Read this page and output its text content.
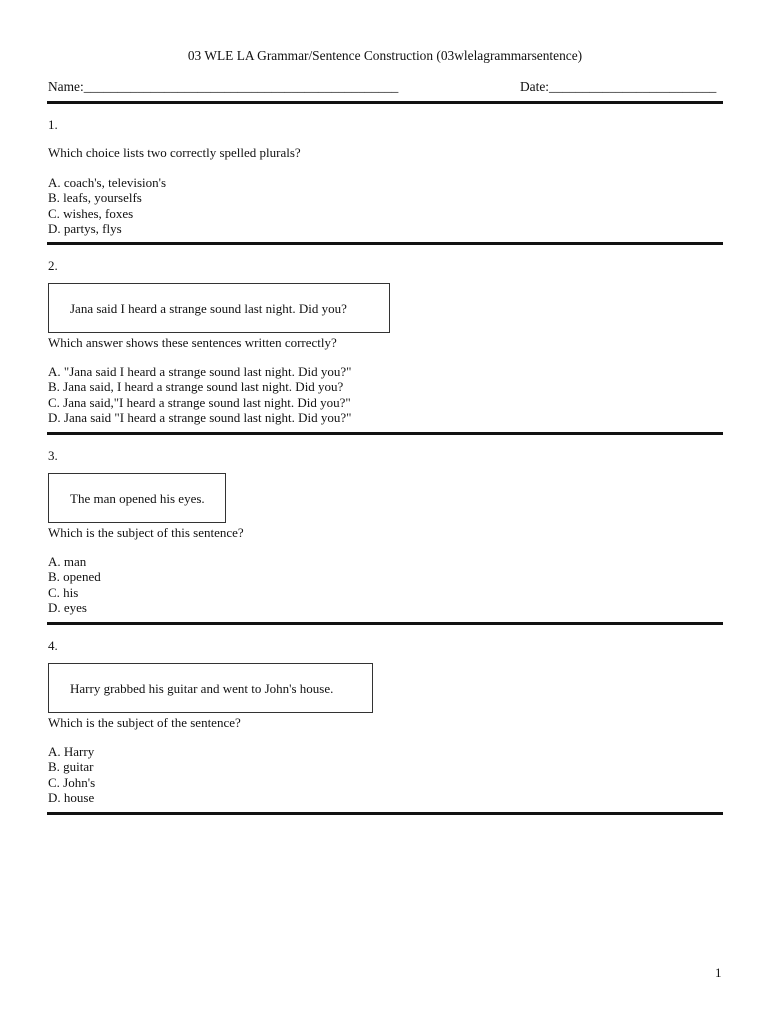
03 WLE LA Grammar/Sentence Construction (03wlelagrammarsentence)
Name:_______________________________________________	Date:_________________________
1.
Which choice lists two correctly spelled plurals?
A. coach's, television's
B. leafs, yourselfs
C. wishes, foxes
D. partys, flys
2.
Jana said I heard a strange sound last night. Did you?
Which answer shows these sentences written correctly?
A. "Jana said I heard a strange sound last night. Did you?"
B. Jana said, I heard a strange sound last night. Did you?
C. Jana said,"I heard a strange sound last night. Did you?"
D. Jana said "I heard a strange sound last night. Did you?"
3.
The man opened his eyes.
Which is the subject of this sentence?
A. man
B. opened
C. his
D. eyes
4.
Harry grabbed his guitar and went to John's house.
Which is the subject of the sentence?
A. Harry
B. guitar
C. John's
D. house
1
